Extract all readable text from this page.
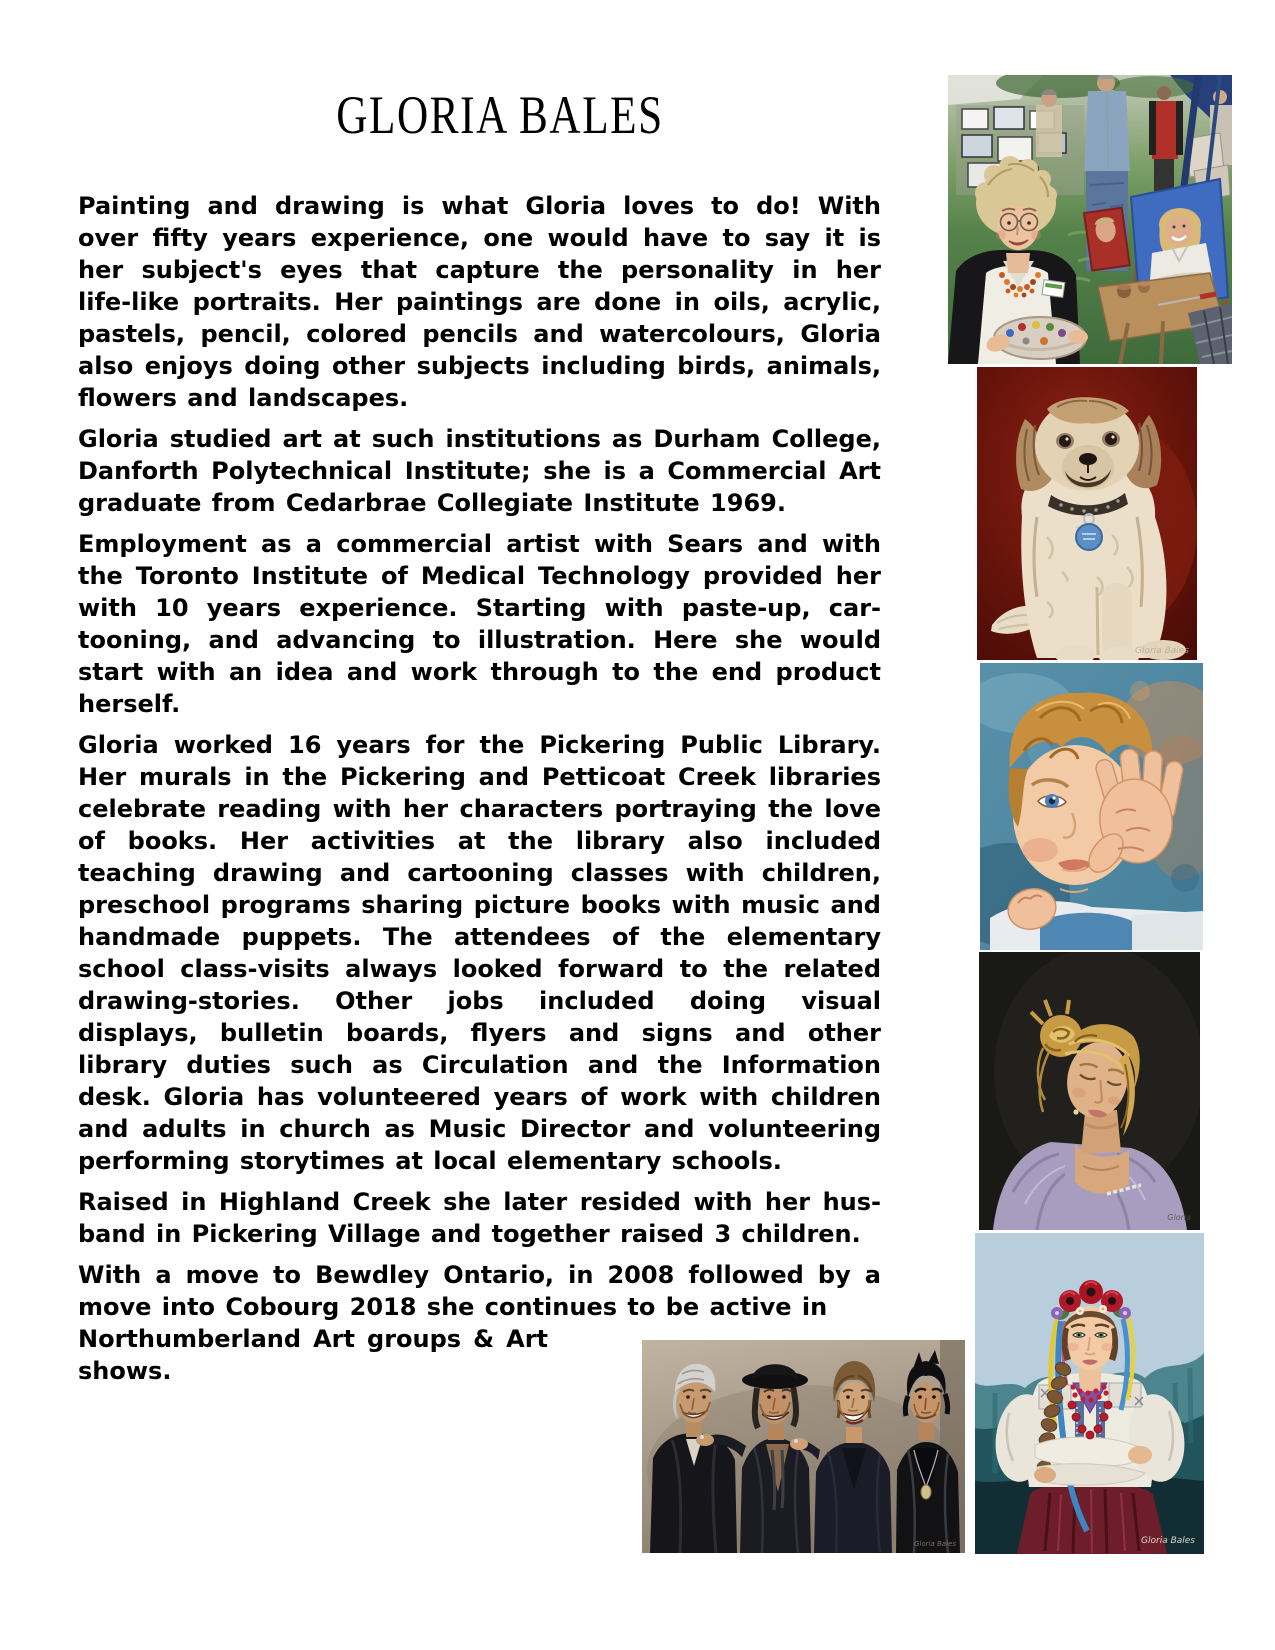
GLORIA BALES

Painting and drawing is what Gloria loves to do! With over fifty years experience, one would have to say it is her subject's eyes that capture the personality in her life-like portraits. Her paintings are done in oils, acrylic, pastels, pencil, colored pencils and watercolours, Gloria also enjoys doing other subjects including birds, animals, flowers and landscapes.

Gloria studied art at such institutions as Durham College, Danforth Polytechnical Institute; she is a Commercial Art graduate from Cedarbrae Collegiate Institute 1969.

Employment as a commercial artist with Sears and with the Toronto Institute of Medical Technology provided her with 10 years experience. Starting with paste-up, car-tooning, and advancing to illustration. Here she would start with an idea and work through to the end product herself.

Gloria worked 16 years for the Pickering Public Library. Her murals in the Pickering and Petticoat Creek libraries celebrate reading with her characters portraying the love of books. Her activities at the library also included teaching drawing and cartooning classes with children, preschool programs sharing picture books with music and handmade puppets. The attendees of the elementary school class-visits always looked forward to the related drawing-stories. Other jobs included doing visual displays, bulletin boards, flyers and signs and other library duties such as Circulation and the Information desk. Gloria has volunteered years of work with children and adults in church as Music Director and volunteering performing storytimes at local elementary schools.

Raised in Highland Creek she later resided with her hus-band in Pickering Village and together raised 3 children.

With a move to Bewdley Ontario, in 2008 followed by a move into Cobourg 2018 she continues to be active in
Northumberland Art groups & Art shows.

Gloria Bales
GloriaBales
Gloria
Gloria Bales
Gloria Bales
